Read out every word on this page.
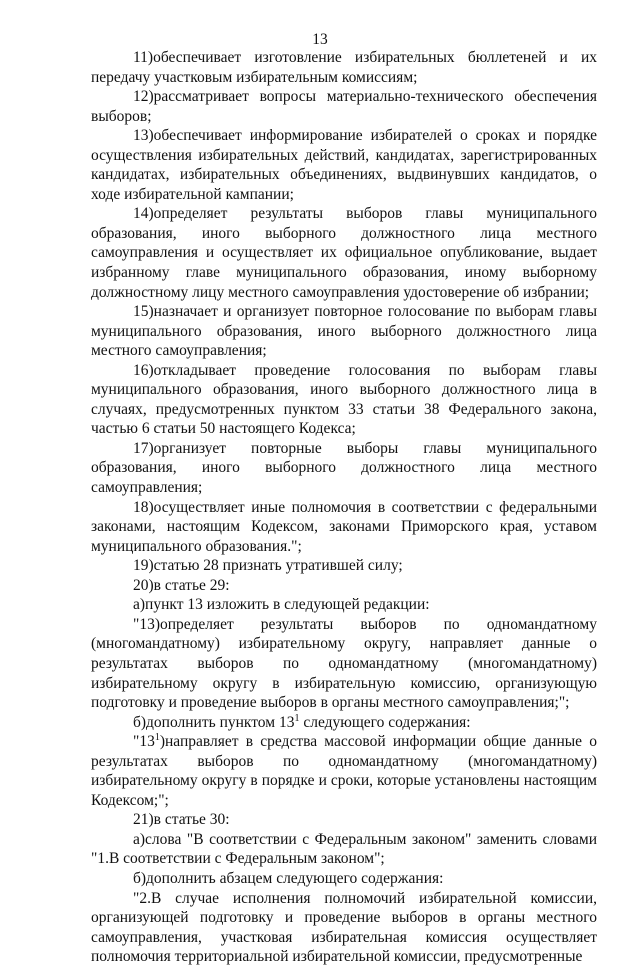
13

11)обеспечивает изготовление избирательных бюллетеней и их передачу участковым избирательным комиссиям;

12)рассматривает вопросы материально-технического обеспечения выборов;

13)обеспечивает информирование избирателей о сроках и порядке осуществления избирательных действий, кандидатах, зарегистрированных кандидатах, избирательных объединениях, выдвинувших кандидатов, о ходе избирательной кампании;

14)определяет результаты выборов главы муниципального образования, иного выборного должностного лица местного самоуправления и осуществляет их официальное опубликование, выдает избранному главе муниципального образования, иному выборному должностному лицу местного самоуправления удостоверение об избрании;

15)назначает и организует повторное голосование по выборам главы муниципального образования, иного выборного должностного лица местного самоуправления;

16)откладывает проведение голосования по выборам главы муниципального образования, иного выборного должностного лица в случаях, предусмотренных пунктом 33 статьи 38 Федерального закона, частью 6 статьи 50 настоящего Кодекса;

17)организует повторные выборы главы муниципального образования, иного выборного должностного лица местного самоуправления;

18)осуществляет иные полномочия в соответствии с федеральными законами, настоящим Кодексом, законами Приморского края, уставом муниципального образования.";

19)статью 28 признать утратившей силу;

20)в статье 29:

а)пункт 13 изложить в следующей редакции:

"13)определяет результаты выборов по одномандатному (многомандатному) избирательному округу, направляет данные о результатах выборов по одномандатному (многомандатному) избирательному округу в избирательную комиссию, организующую подготовку и проведение выборов в органы местного самоуправления;";

б)дополнить пунктом $13^1$ следующего содержания:

"$13^1)направляет$ в средства массовой информации общие данные о результатах выборов по одномандатному (многомандатному) избирательному округу в порядке и сроки, которые установлены настоящим Кодексом;";

21)в статье 30:

а)слова "В соответствии с Федеральным законом" заменить словами "1.В соответствии с Федеральным законом";

б)дополнить абзацем следующего содержания:

"2.В случае исполнения полномочий избирательной комиссии, организующей подготовку и проведение выборов в органы местного самоуправления, участковая избирательная комиссия осуществляет полномочия территориальной избирательной комиссии, предусмотренные
